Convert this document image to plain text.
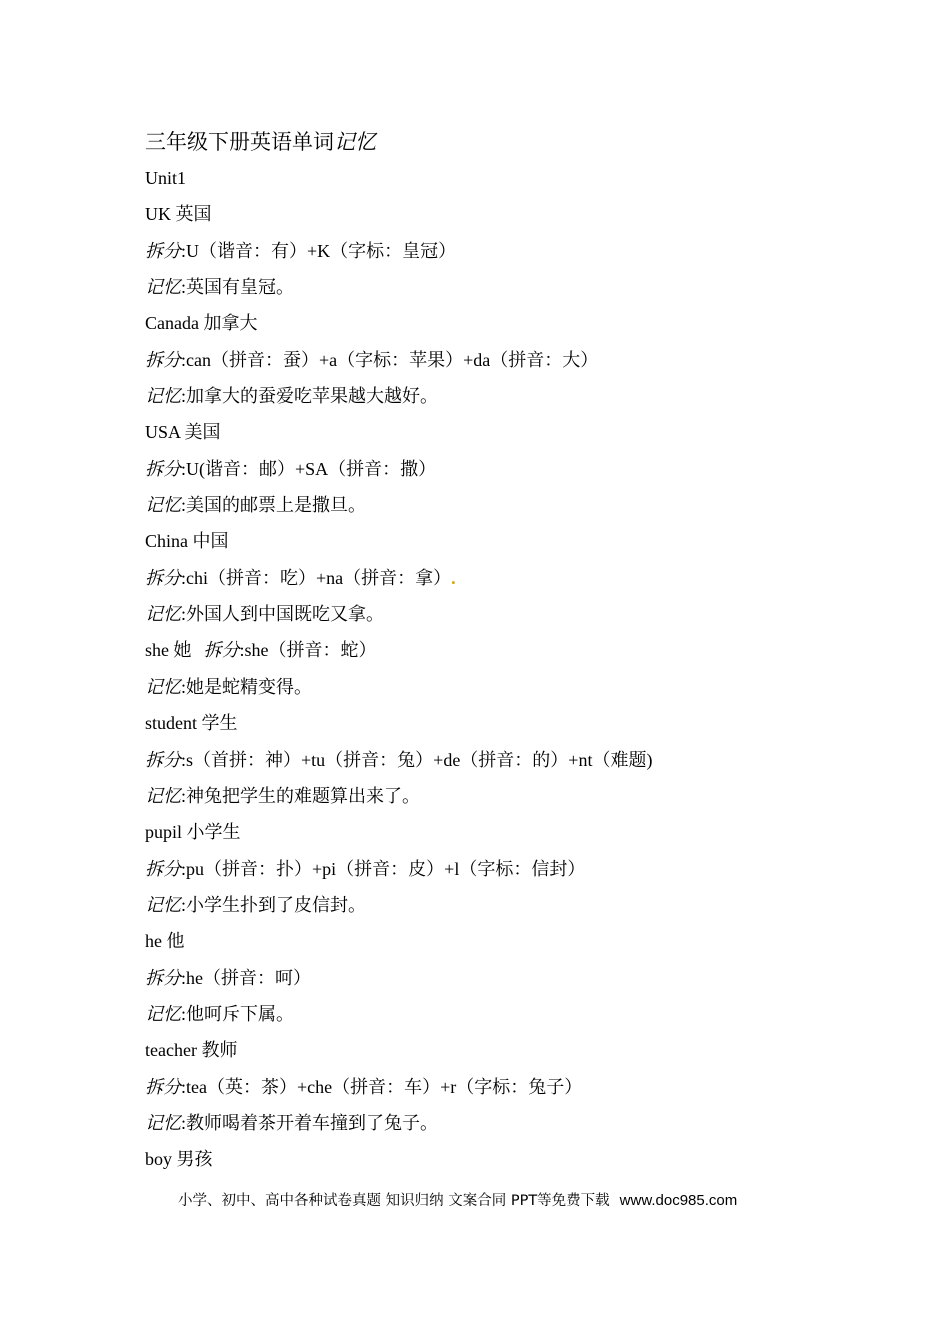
三年级下册英语单词记忆
Unit1
UK 英国
拆分:U（谐音：有）+K（字标：皇冠）
记忆:英国有皇冠。
Canada 加拿大
拆分:can（拼音：蚕）+a（字标：苹果）+da（拼音：大）
记忆:加拿大的蚕爱吃苹果越大越好。
USA 美国
拆分:U(谐音：邮）+SA（拼音：撒）
记忆:美国的邮票上是撒旦。
China 中国
拆分:chi（拼音：吃）+na（拼音：拿）.
记忆:外国人到中国既吃又拿。
she 她 拆分:she（拼音：蛇）
记忆:她是蛇精变得。
student 学生
拆分:s（首拼：神）+tu（拼音：兔）+de（拼音：的）+nt（难题)
记忆:神兔把学生的难题算出来了。
pupil 小学生
拆分:pu（拼音：扑）+pi（拼音：皮）+l（字标：信封）
记忆:小学生扑到了皮信封。
he 他
拆分:he（拼音：呵）
记忆:他呵斥下属。
teacher 教师
拆分:tea（英：茶）+che（拼音：车）+r（字标：兔子）
记忆:教师喝着茶开着车撞到了兔子。
boy 男孩
小学、初中、高中各种试卷真题 知识归纳 文案合同 PPT等免费下载 www.doc985.com
